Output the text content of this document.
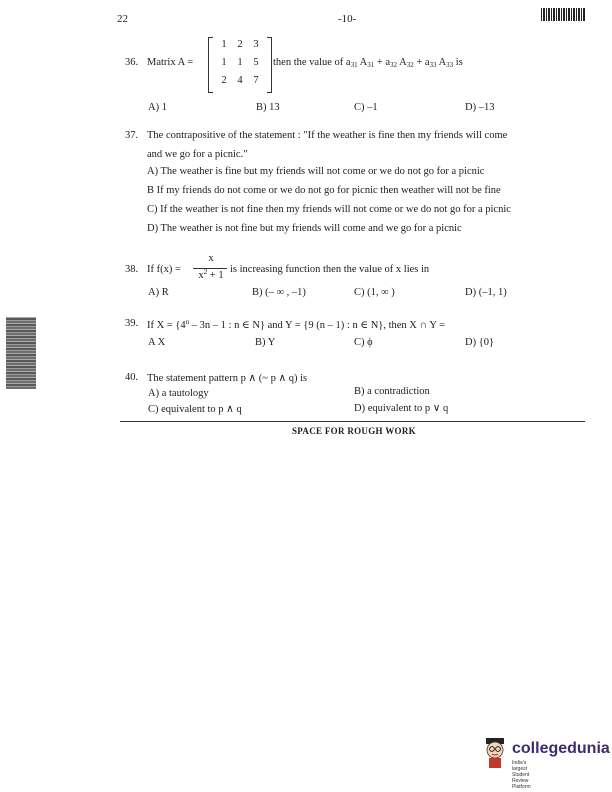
22	-10-
36. Matrix A =
1	2	3
1	1	5
2	4	7
then the value of $a_{31}$ $A_{31} + a_{32}$ $A_{32} + a_{33}$ $A_{33}$ is
A) 1	B) 13	C) –1	D) –13
37. The contrapositive of the statement : "If the weather is fine then my friends will come
and we go for a picnic."
A) The weather is fine but my friends will not come or we do not go for a picnic
B If my friends do not come or we do not go for picnic then weather will not be fine
C) If the weather is not fine then my friends will not come or we do not go for a picnic
D) The weather is not fine but my friends will come and we go for a picnic
38. If f(x) =
x
$x^2 + 1$
is increasing function then the value of x lies in
A) R	B) (– ∞ , –1)	C) (1, ∞ )	D) (–1, 1)
39. If $X = \{4^n - 3n - 1$ : n ∈ N} and Y = {9 (n – 1) : n ∈ N}, then X ∩ Y =
A X	B) Y	C) ϕ	D) {0}
40. The statement pattern p ∧ (~ p ∧ q) is
A) a tautology	B) a contradiction
C) equivalent to p ∧ q	D) equivalent to p ∨ q
SPACE FOR ROUGH WORK
collegedunia
India's largest Student Review Platform
